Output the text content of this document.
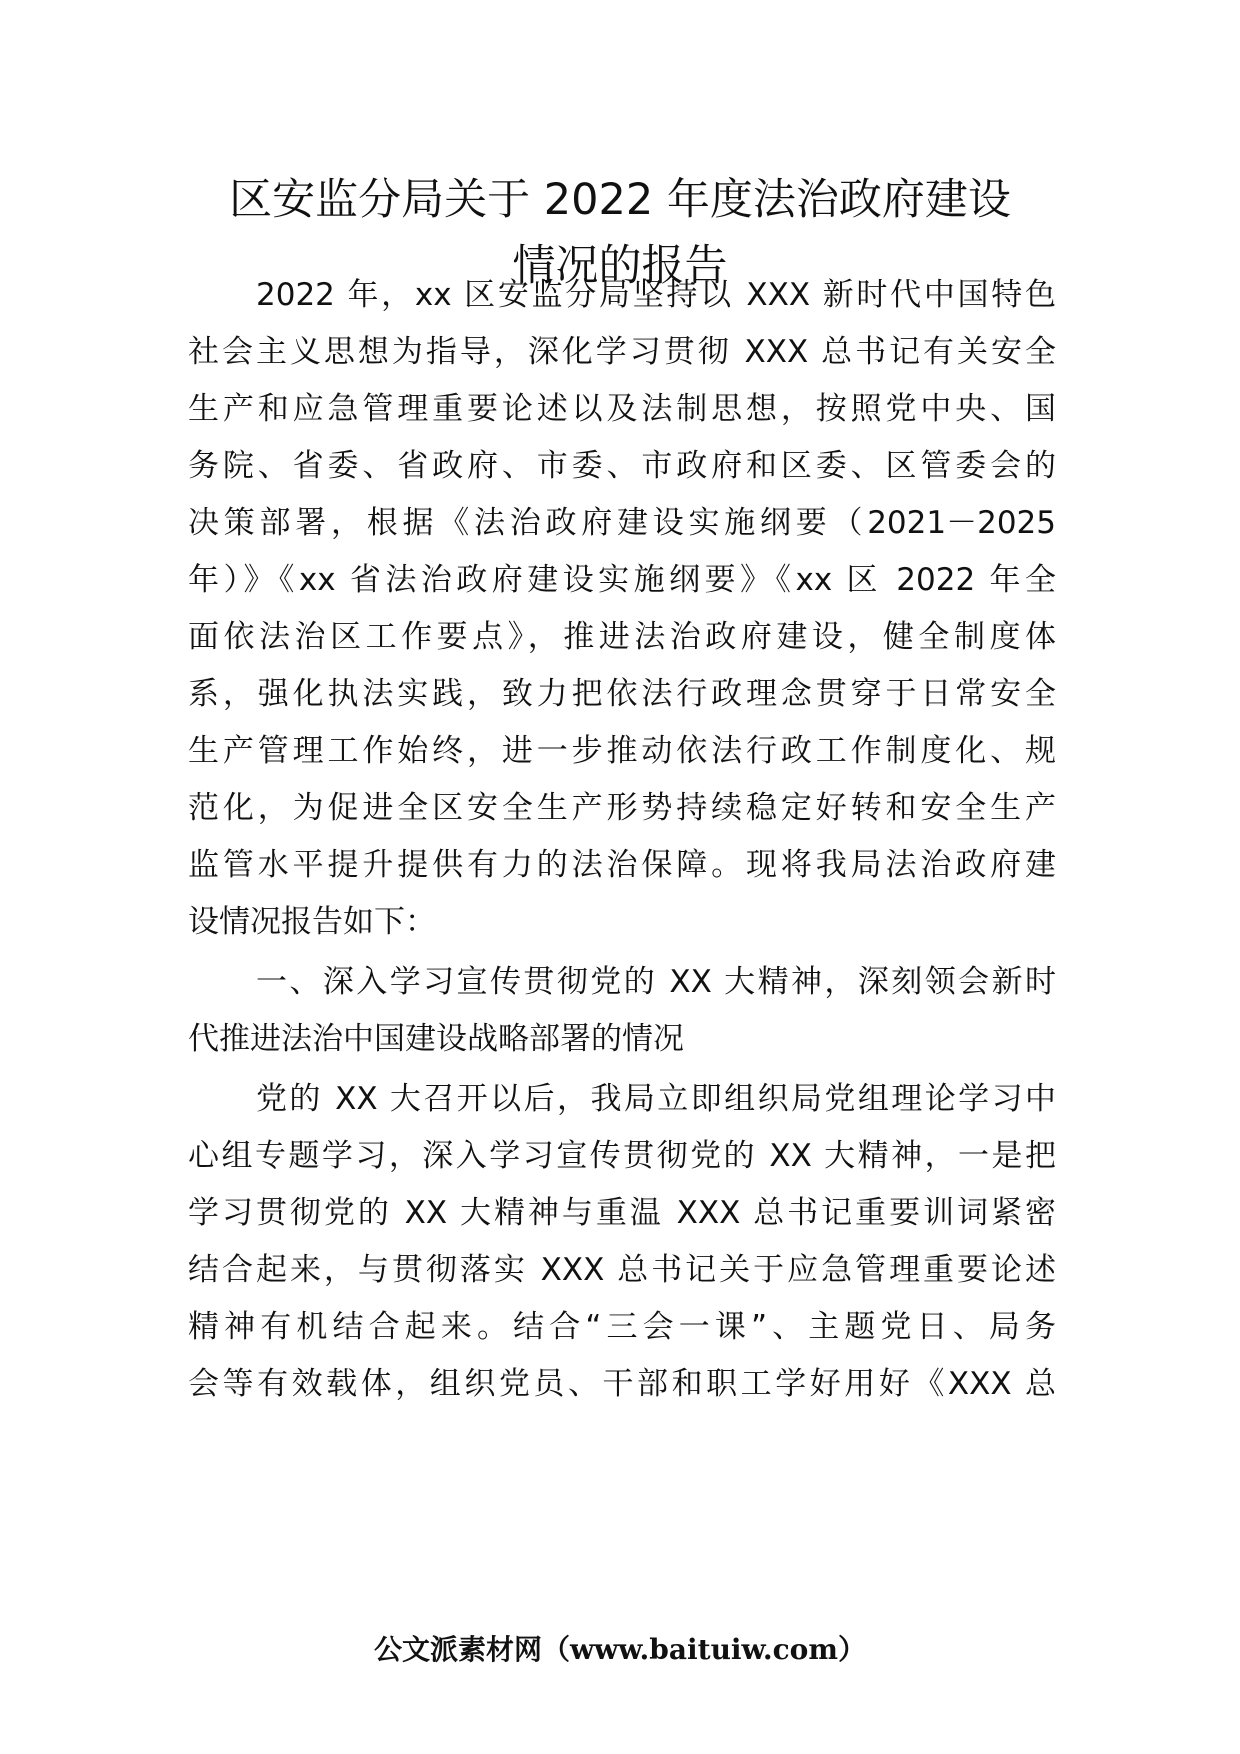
区安监分局关于 2022 年度法治政府建设
情况的报告
2022 年，xx 区安监分局坚持以 XXX 新时代中国特色
社会主义思想为指导，深化学习贯彻 XXX 总书记有关安全
生产和应急管理重要论述以及法制思想，按照党中央、国
务院、省委、省政府、市委、市政府和区委、区管委会的
决策部署，根据《法治政府建设实施纲要（2021－2025
年）》《xx 省法治政府建设实施纲要》《xx 区 2022 年全
面依法治区工作要点》，推进法治政府建设，健全制度体
系，强化执法实践，致力把依法行政理念贯穿于日常安全
生产管理工作始终，进一步推动依法行政工作制度化、规
范化，为促进全区安全生产形势持续稳定好转和安全生产
监管水平提升提供有力的法治保障。现将我局法治政府建
设情况报告如下：
一、深入学习宣传贯彻党的 XX 大精神，深刻领会新时
代推进法治中国建设战略部署的情况
党的 XX 大召开以后，我局立即组织局党组理论学习中
心组专题学习，深入学习宣传贯彻党的 XX 大精神，一是把
学习贯彻党的 XX 大精神与重温 XXX 总书记重要训词紧密
结合起来，与贯彻落实 XXX 总书记关于应急管理重要论述
精神有机结合起来。结合“三会一课”、主题党日、局务
会等有效载体，组织党员、干部和职工学好用好《XXX 总
公文派素材网（www.baituiw.com）
